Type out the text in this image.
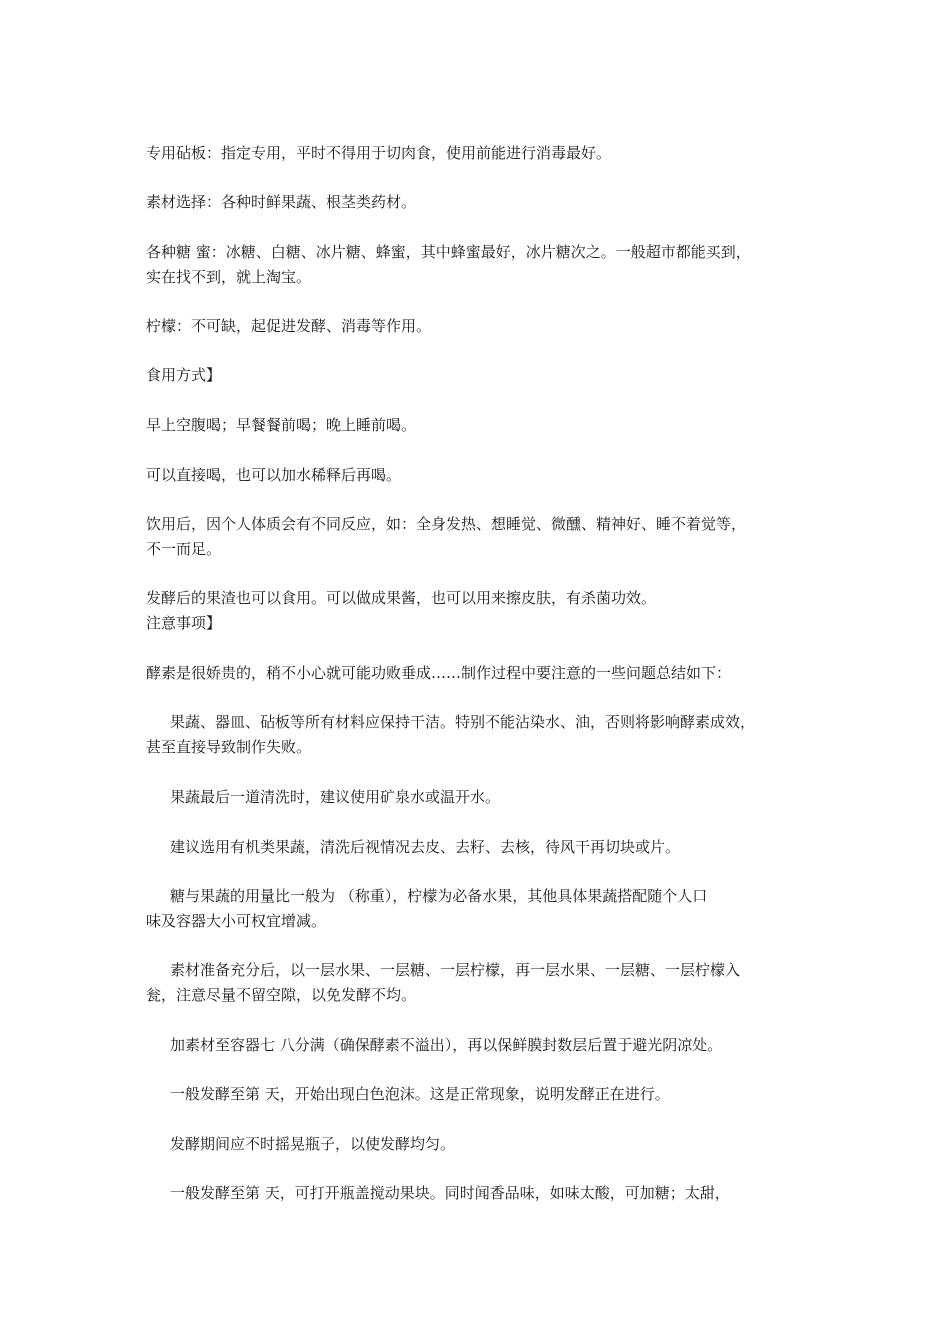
专用砧板：指定专用，平时不得用于切肉食，使用前能进行消毒最好。
素材选择：各种时鲜果蔬、根茎类药材。
各种糖 蜜：冰糖、白糖、冰片糖、蜂蜜，其中蜂蜜最好，冰片糖次之。一般超市都能买到，
实在找不到，就上淘宝。
柠檬：不可缺，起促进发酵、消毒等作用。
食用方式】
早上空腹喝；早餐餐前喝；晚上睡前喝。
可以直接喝，也可以加水稀释后再喝。
饮用后，因个人体质会有不同反应，如：全身发热、想睡觉、微醺、精神好、睡不着觉等，
不一而足。
发酵后的果渣也可以食用。可以做成果酱，也可以用来擦皮肤，有杀菌功效。
注意事项】
酵素是很娇贵的，稍不小心就可能功败垂成……制作过程中要注意的一些问题总结如下：
果蔬、器皿、砧板等所有材料应保持干洁。特别不能沾染水、油，否则将影响酵素成效，
甚至直接导致制作失败。
果蔬最后一道清洗时，建议使用矿泉水或温开水。
建议选用有机类果蔬，清洗后视情况去皮、去籽、去核，待风干再切块或片。
糖与果蔬的用量比一般为 （称重），柠檬为必备水果，其他具体果蔬搭配随个人口
味及容器大小可权宜增减。
素材准备充分后，以一层水果、一层糖、一层柠檬，再一层水果、一层糖、一层柠檬入
瓮，注意尽量不留空隙，以免发酵不均。
加素材至容器七 八分满（确保酵素不溢出），再以保鲜膜封数层后置于避光阴凉处。
一般发酵至第 天，开始出现白色泡沫。这是正常现象，说明发酵正在进行。
发酵期间应不时摇晃瓶子，以使发酵均匀。
一般发酵至第 天，可打开瓶盖搅动果块。同时闻香品味，如味太酸，可加糖；太甜，
